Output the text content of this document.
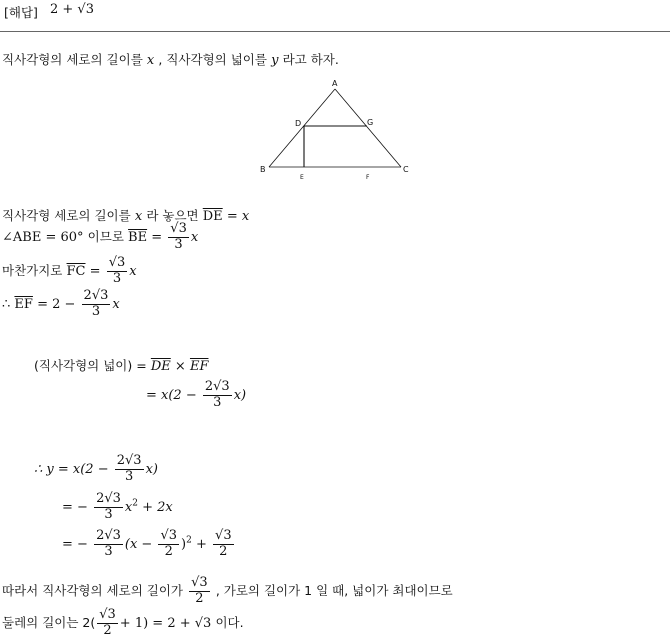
[해답] 2 + √3
직사각형의 세로의 길이를 x , 직사각형의 넓이를 y 라고 하자.
A
D	G
B
E	F
C
직사각형 세로의 길이를 x 라 놓으면 $\overline{DE} = x$
∠ABE = 60° 이므로 $\overline{BE} = \frac{√3}{3}$ x
마찬가지로 $\overline{FC} = \frac{√3}{3}$ x
∴ $\overline{EF} = 2 - \frac{2√3}{3}$ x
(직사각형의 넓이) = $\overline{DE} \times \overline{EF}$
= $x(2 - \frac{2√3}{3} x)$
∴ $y = x(2 - \frac{2√3}{3} x)$
= − $\frac{2√3}{3} x^2 + 2x$
= − $\frac{2√3}{3} (x - \frac{√3}{2} )^2 + \frac{√3}{2}$
따라서 직사각형의 세로의 길이가 $\frac{√3}{2}$ , 가로의 길이가 1 일 때, 넓이가 최대이므로
둘레의 길이는 $2( \frac{√3}{2} + 1) = 2 + √3$ 이다.
